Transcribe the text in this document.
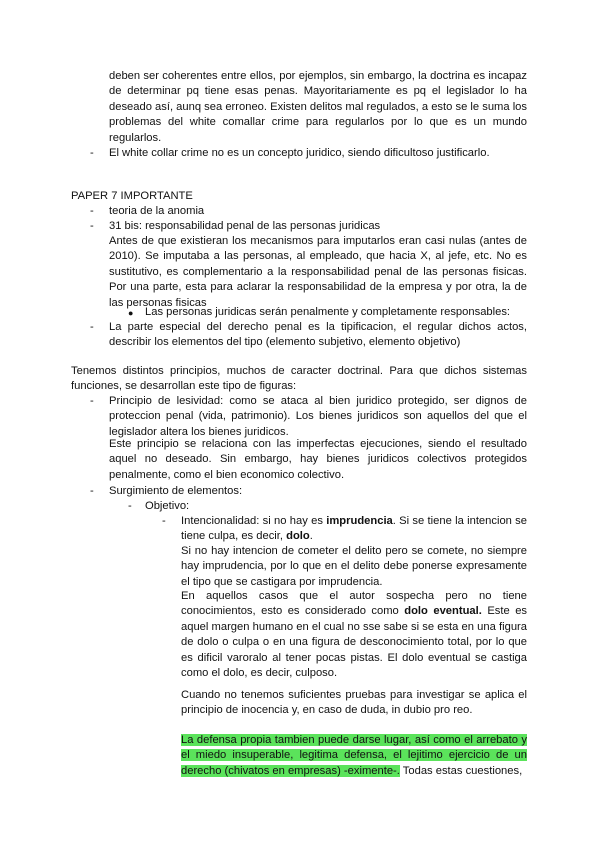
deben ser coherentes entre ellos, por ejemplos, sin embargo, la doctrina es incapaz de determinar pq tiene esas penas. Mayoritariamente es pq el legislador lo ha deseado así, aunq sea erroneo. Existen delitos mal regulados, a esto se le suma los problemas del white comallar crime para regularlos por lo que es un mundo regularlos.

- El white collar crime no es un concepto juridico, siendo dificultoso justificarlo.

PAPER 7 IMPORTANTE

- teoria de la anomia

- 31 bis: responsabilidad penal de las personas juridicas

Antes de que existieran los mecanismos para imputarlos eran casi nulas (antes de 2010). Se imputaba a las personas, al empleado, que hacia X, al jefe, etc. No es sustitutivo, es complementario a la responsabilidad penal de las personas fisicas. Por una parte, esta para aclarar la responsabilidad de la empresa y por otra, la de las personas fisicas

● Las personas juridicas serán penalmente y completamente responsables:

- La parte especial del derecho penal es la tipificacion, el regular dichos actos, describir los elementos del tipo (elemento subjetivo, elemento objetivo)

Tenemos distintos principios, muchos de caracter doctrinal. Para que dichos sistemas funciones, se desarrollan este tipo de figuras:

- Principio de lesividad: como se ataca al bien juridico protegido, ser dignos de proteccion penal (vida, patrimonio). Los bienes juridicos son aquellos del que el legislador altera los bienes juridicos.

Este principio se relaciona con las imperfectas ejecuciones, siendo el resultado aquel no deseado. Sin embargo, hay bienes juridicos colectivos protegidos penalmente, como el bien economico colectivo.

- Surgimiento de elementos:

- Objetivo:

- Intencionalidad: si no hay es imprudencia. Si se tiene la intencion se tiene culpa, es decir, dolo.

Si no hay intencion de cometer el delito pero se comete, no siempre hay imprudencia, por lo que en el delito debe ponerse expresamente el tipo que se castigara por imprudencia.

En aquellos casos que el autor sospecha pero no tiene conocimientos, esto es considerado como dolo eventual. Este es aquel margen humano en el cual no sse sabe si se esta en una figura de dolo o culpa o en una figura de desconocimiento total, por lo que es dificil varoralo al tener pocas pistas. El dolo eventual se castiga como el dolo, es decir, culposo.

Cuando no tenemos suficientes pruebas para investigar se aplica el principio de inocencia y, en caso de duda, in dubio pro reo.

La defensa propia tambien puede darse lugar, así como el arrebato y el miedo insuperable, legitima defensa, el lejitimo ejercicio de un derecho (chivatos en empresas) -eximente-. Todas estas cuestiones,
